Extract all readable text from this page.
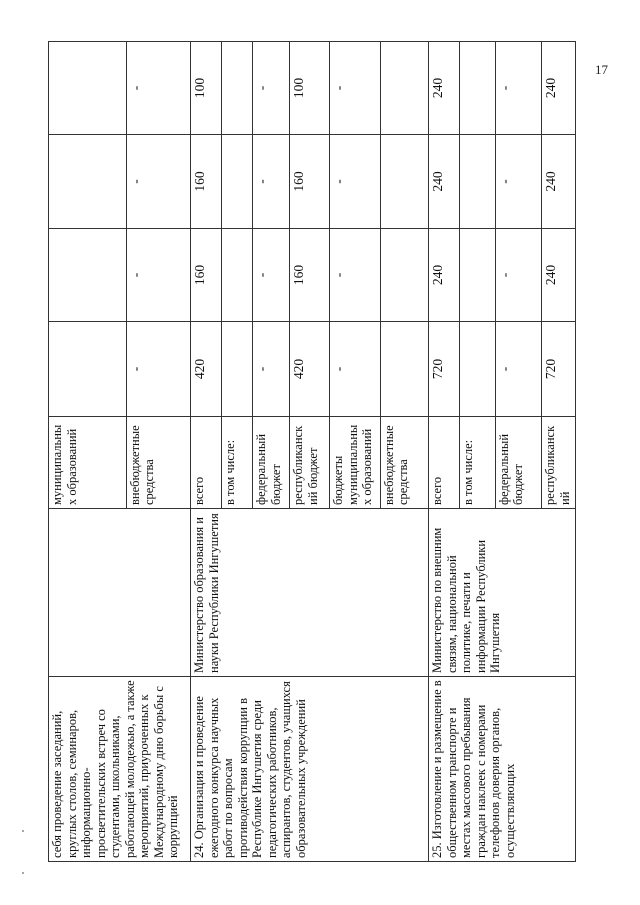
17
себя проведение заседаний, круглых столов, семинаров, информационно-просветительских встреч со студентами, школьниками, работающей молодежью, а также мероприятий, приуроченных к Международному дню борьбы с коррупцией		муниципальных образований				
		внебюджетные средства	-	-	-	-
24. Организация и проведение ежегодного конкурса научных работ по вопросам противодействия коррупции в Республике Ингушетия среди педагогических работников, аспирантов, студентов, учащихся образовательных учреждений	Министерство образования и науки Республики Ингушетия	всего	420	160	160	100
		в том числе:				
		федеральный бюджет	-	-	-	-
		республиканский бюджет	420	160	160	100
		бюджеты муниципальных образований	-	-	-	-
		внебюджетные средства				
25. Изготовление и размещение в общественном транспорте и местах массового пребывания граждан наклеек с номерами телефонов доверия органов, осуществляющих	Министерство по внешним связям, национальной политике, печати и информации Республики Ингушетия	всего	720	240	240	240
		в том числе:				
		федеральный бюджет	-	-	-	-
		республиканский	720	240	240	240
